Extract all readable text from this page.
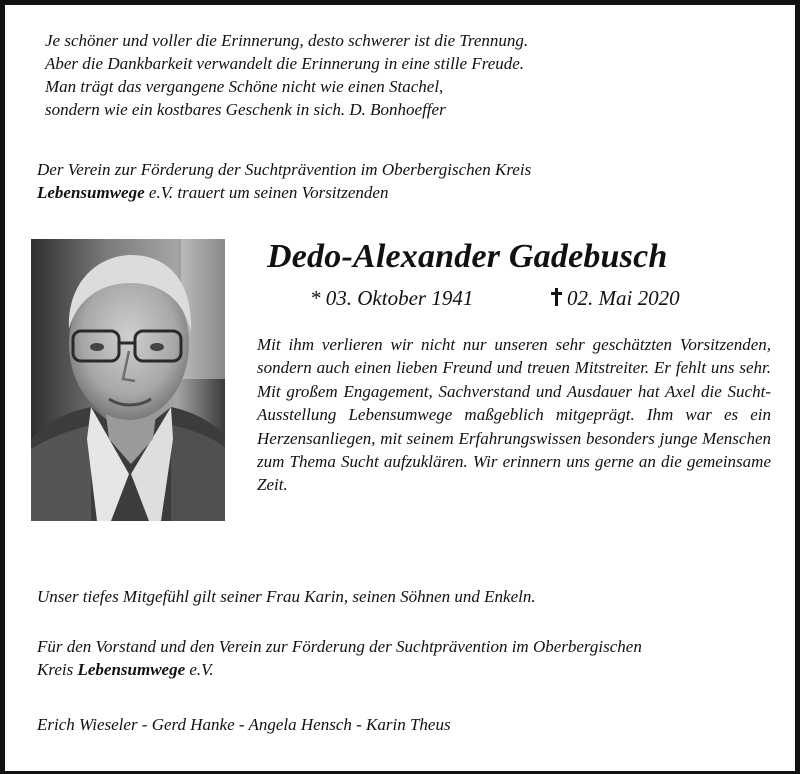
Je schöner und voller die Erinnerung, desto schwerer ist die Trennung.
Aber die Dankbarkeit verwandelt die Erinnerung in eine stille Freude.
Man trägt das vergangene Schöne nicht wie einen Stachel,
sondern wie ein kostbares Geschenk in sich. D. Bonhoeffer
Der Verein zur Förderung der Suchtprävention im Oberbergischen Kreis
Lebensumwege e.V. trauert um seinen Vorsitzenden
Dedo-Alexander Gadebusch
* 03. Oktober 1941	02. Mai 2020
Mit ihm verlieren wir nicht nur unseren sehr geschätzten Vorsitzenden, sondern auch einen lieben Freund und treuen Mitstreiter. Er fehlt uns sehr. Mit großem Engagement, Sachverstand und Ausdauer hat Axel die Sucht-Ausstellung Lebensumwege maßgeblich mitgeprägt. Ihm war es ein Herzensanliegen, mit seinem Erfahrungswissen besonders junge Menschen zum Thema Sucht aufzuklären. Wir erinnern uns gerne an die gemeinsame Zeit.
Unser tiefes Mitgefühl gilt seiner Frau Karin, seinen Söhnen und Enkeln.
Für den Vorstand und den Verein zur Förderung der Suchtprävention im Oberbergischen
Kreis Lebensumwege e.V.
Erich Wieseler - Gerd Hanke - Angela Hensch - Karin Theus
